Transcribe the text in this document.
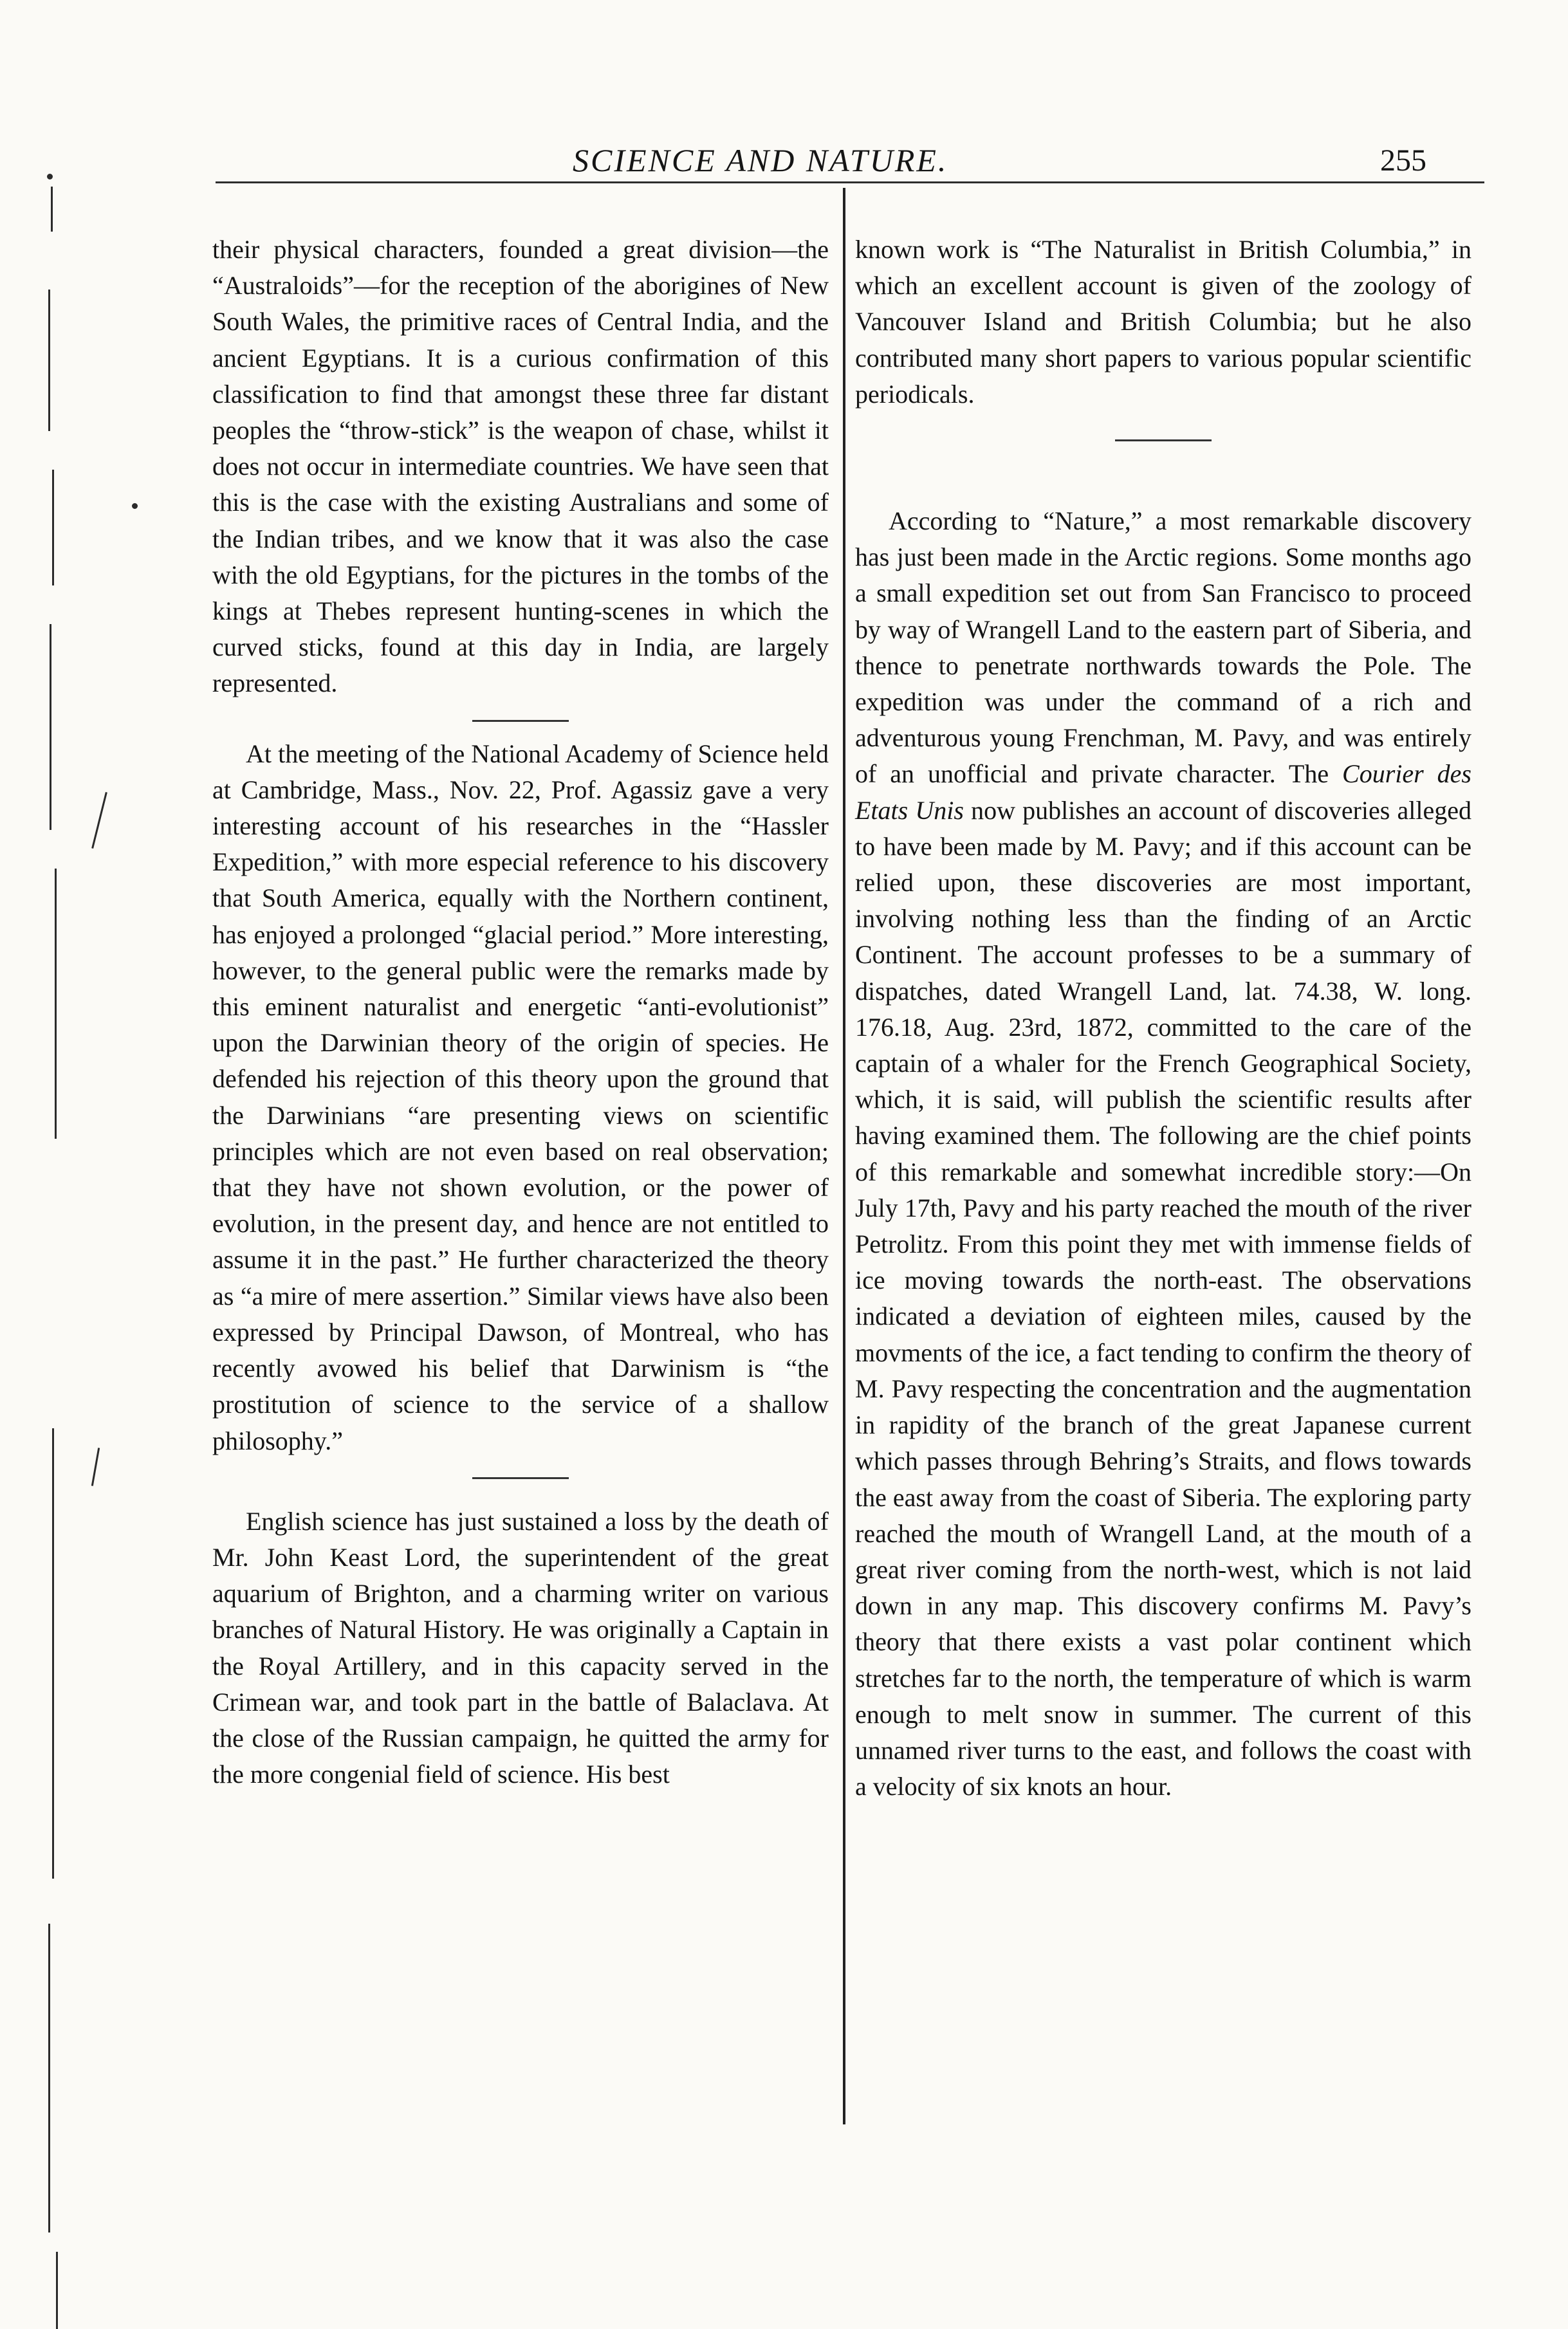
SCIENCE AND NATURE.	255

their physical characters, founded a great division—the “Australoids”—for the reception of the aborigines of New South Wales, the primitive races of Central India, and the ancient Egyptians. It is a curious confirmation of this classification to find that amongst these three far distant peoples the “throw-stick” is the weapon of chase, whilst it does not occur in intermediate countries. We have seen that this is the case with the existing Australians and some of the Indian tribes, and we know that it was also the case with the old Egyptians, for the pictures in the tombs of the kings at Thebes represent hunting-scenes in which the curved sticks, found at this day in India, are largely represented.

At the meeting of the National Academy of Science held at Cambridge, Mass., Nov. 22, Prof. Agassiz gave a very interesting account of his researches in the “Hassler Expedition,” with more especial reference to his discovery that South America, equally with the Northern continent, has enjoyed a prolonged “glacial period.” More interesting, however, to the general public were the remarks made by this eminent naturalist and energetic “anti-evolutionist” upon the Darwinian theory of the origin of species. He defended his rejection of this theory upon the ground that the Darwinians “are presenting views on scientific principles which are not even based on real observation; that they have not shown evolution, or the power of evolution, in the present day, and hence are not entitled to assume it in the past.” He further characterized the theory as “a mire of mere assertion.” Similar views have also been expressed by Principal Dawson, of Montreal, who has recently avowed his belief that Darwinism is “the prostitution of science to the service of a shallow philosophy.”

English science has just sustained a loss by the death of Mr. John Keast Lord, the superintendent of the great aquarium of Brighton, and a charming writer on various branches of Natural History. He was originally a Captain in the Royal Artillery, and in this capacity served in the Crimean war, and took part in the battle of Balaclava. At the close of the Russian campaign, he quitted the army for the more congenial field of science. His best

known work is “The Naturalist in British Columbia,” in which an excellent account is given of the zoology of Vancouver Island and British Columbia; but he also contributed many short papers to various popular scientific periodicals.

According to “Nature,” a most remarkable discovery has just been made in the Arctic regions. Some months ago a small expedition set out from San Francisco to proceed by way of Wrangell Land to the eastern part of Siberia, and thence to penetrate northwards towards the Pole. The expedition was under the command of a rich and adventurous young Frenchman, M. Pavy, and was entirely of an unofficial and private character. The Courier des Etats Unis now publishes an account of discoveries alleged to have been made by M. Pavy; and if this account can be relied upon, these discoveries are most important, involving nothing less than the finding of an Arctic Continent. The account professes to be a summary of dispatches, dated Wrangell Land, lat. 74.38, W. long. 176.18, Aug. 23rd, 1872, committed to the care of the captain of a whaler for the French Geographical Society, which, it is said, will publish the scientific results after having examined them. The following are the chief points of this remarkable and somewhat incredible story:—On July 17th, Pavy and his party reached the mouth of the river Petrolitz. From this point they met with immense fields of ice moving towards the north-east. The observations indicated a deviation of eighteen miles, caused by the movments of the ice, a fact tending to confirm the theory of M. Pavy respecting the concentration and the augmentation in rapidity of the branch of the great Japanese current which passes through Behring’s Straits, and flows towards the east away from the coast of Siberia. The exploring party reached the mouth of Wrangell Land, at the mouth of a great river coming from the north-west, which is not laid down in any map. This discovery confirms M. Pavy’s theory that there exists a vast polar continent which stretches far to the north, the temperature of which is warm enough to melt snow in summer. The current of this unnamed river turns to the east, and follows the coast with a velocity of six knots an hour.
